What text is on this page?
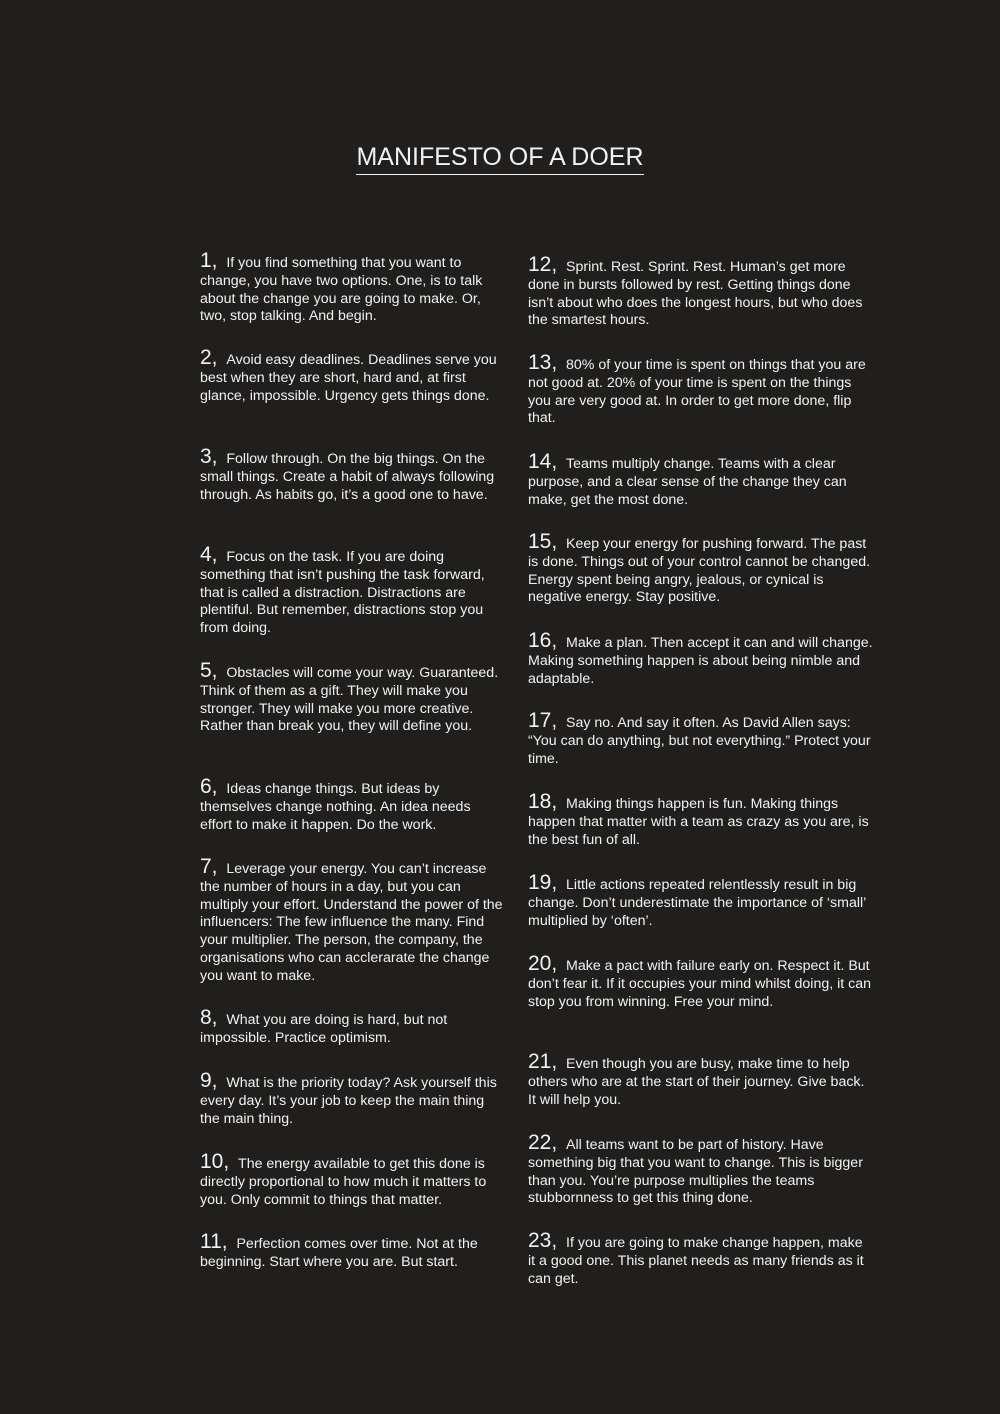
MANIFESTO OF A DOER

1, If you find something that you want to change, you have two options. One, is to talk about the change you are going to make. Or, two, stop talking. And begin.

2, Avoid easy deadlines. Deadlines serve you best when they are short, hard and, at first glance, impossible. Urgency gets things done.

3, Follow through. On the big things. On the small things. Create a habit of always following through. As habits go, it’s a good one to have.

4, Focus on the task. If you are doing something that isn’t pushing the task forward, that is called a distraction. Distractions are plentiful. But remember, distractions stop you from doing.

5, Obstacles will come your way. Guaranteed. Think of them as a gift. They will make you stronger. They will make you more creative. Rather than break you, they will define you.

6, Ideas change things. But ideas by themselves change nothing. An idea needs effort to make it happen. Do the work.

7, Leverage your energy. You can’t increase the number of hours in a day, but you can multiply your effort. Understand the power of the influencers: The few influence the many. Find your multiplier. The person, the company, the organisations who can acclerarate the change you want to make.

8, What you are doing is hard, but not impossible. Practice optimism.

9, What is the priority today? Ask yourself this every day. It’s your job to keep the main thing the main thing.

10, The energy available to get this done is directly proportional to how much it matters to you. Only commit to things that matter.

11, Perfection comes over time. Not at the beginning. Start where you are. But start.

12, Sprint. Rest. Sprint. Rest. Human’s get more done in bursts followed by rest. Getting things done isn’t about who does the longest hours, but who does the smartest hours.

13, 80% of your time is spent on things that you are not good at. 20% of your time is spent on the things you are very good at. In order to get more done, flip that.

14, Teams multiply change. Teams with a clear purpose, and a clear sense of the change they can make, get the most done.

15, Keep your energy for pushing forward. The past is done. Things out of your control cannot be changed. Energy spent being angry, jealous, or cynical is negative energy. Stay positive.

16, Make a plan. Then accept it can and will change. Making something happen is about being nimble and adaptable.

17, Say no. And say it often. As David Allen says: “You can do anything, but not everything.” Protect your time.

18, Making things happen is fun. Making things happen that matter with a team as crazy as you are, is the best fun of all.

19, Little actions repeated relentlessly result in big change. Don’t underestimate the importance of ‘small’ multiplied by ‘often’.

20, Make a pact with failure early on. Respect it. But don’t fear it. If it occupies your mind whilst doing, it can stop you from winning. Free your mind.

21, Even though you are busy, make time to help others who are at the start of their journey. Give back. It will help you.

22, All teams want to be part of history. Have something big that you want to change. This is bigger than you. You’re purpose multiplies the teams stubbornness to get this thing done.

23, If you are going to make change happen, make it a good one. This planet needs as many friends as it can get.
